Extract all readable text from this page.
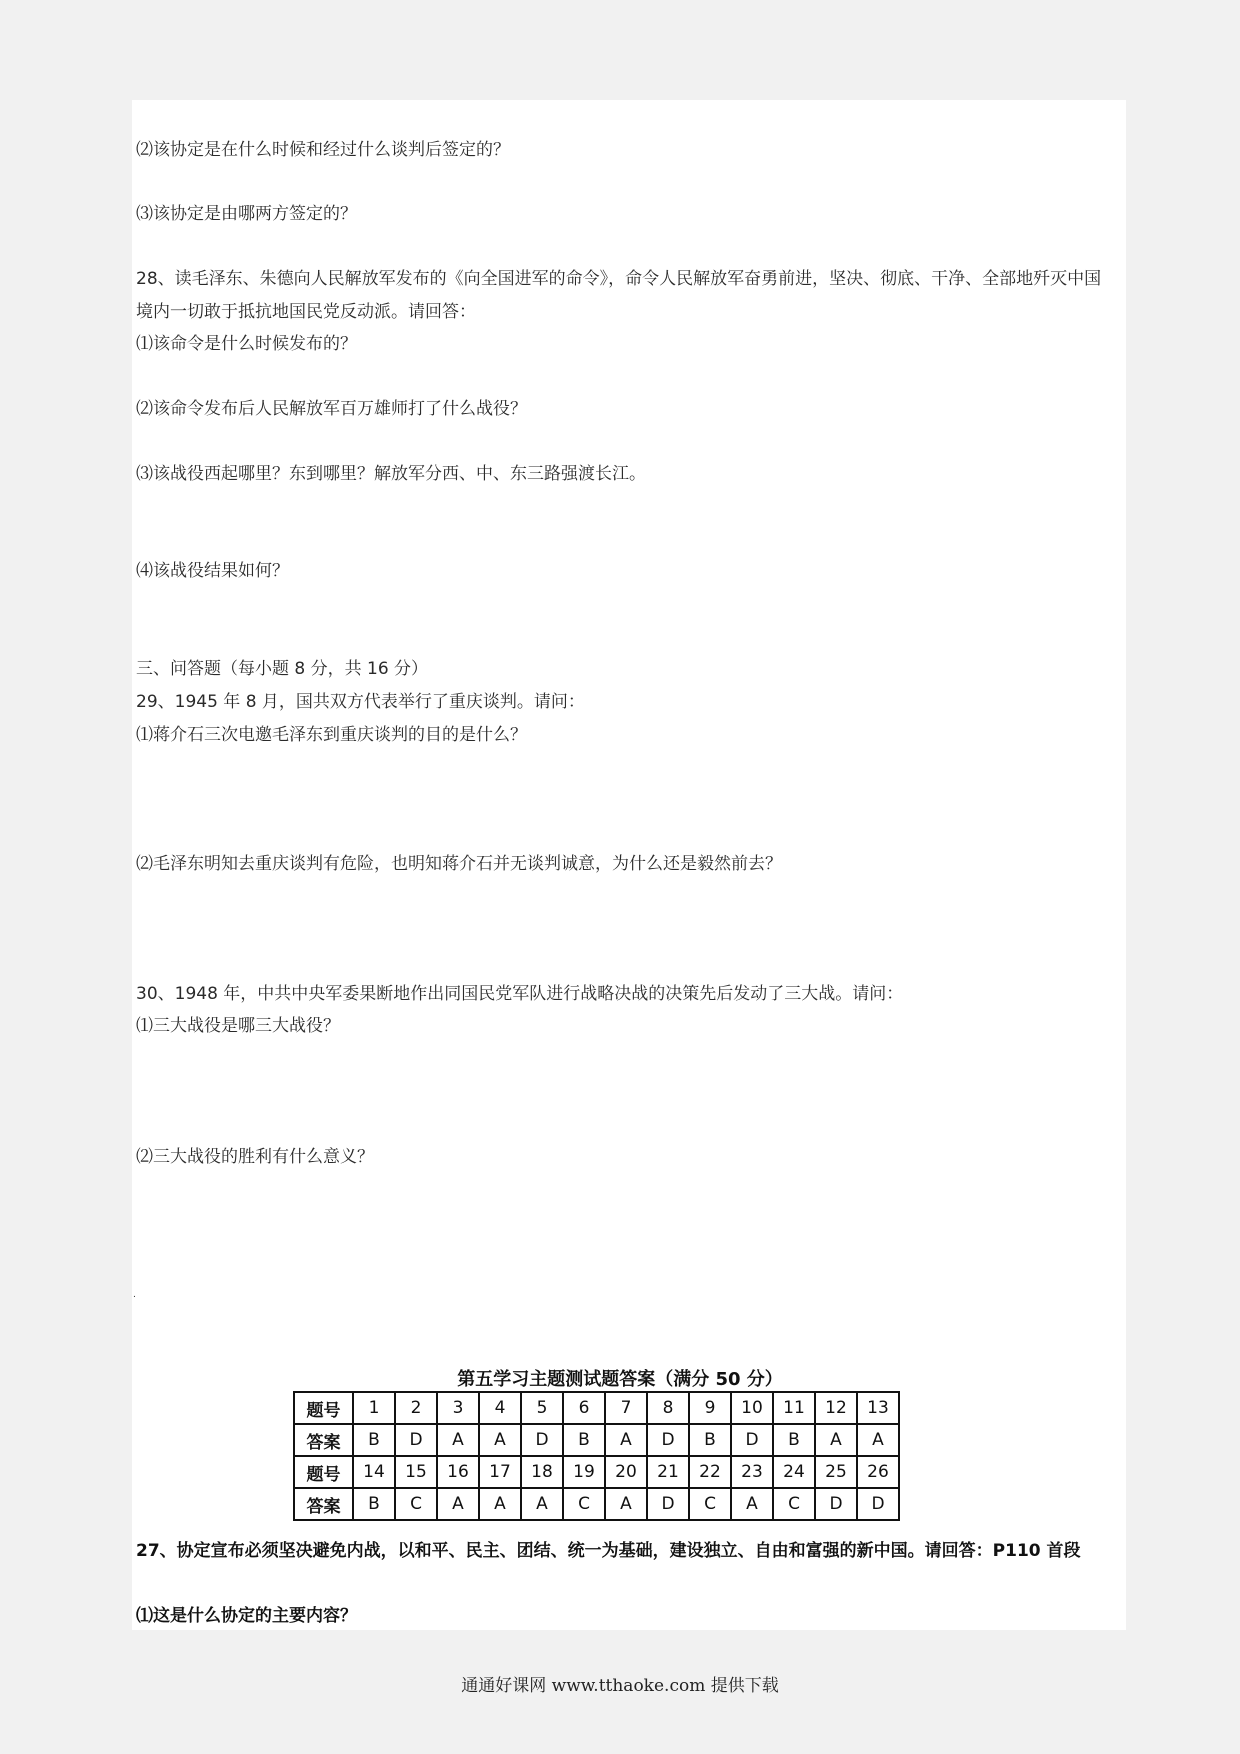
⑵该协定是在什么时候和经过什么谈判后签定的？
⑶该协定是由哪两方签定的？
28、读毛泽东、朱德向人民解放军发布的《向全国进军的命令》，命令人民解放军奋勇前进，坚决、彻底、干净、全部地歼灭中国境内一切敢于抵抗地国民党反动派。请回答：
⑴该命令是什么时候发布的？
⑵该命令发布后人民解放军百万雄师打了什么战役？
⑶该战役西起哪里？东到哪里？解放军分西、中、东三路强渡长江。
⑷该战役结果如何？
三、问答题（每小题 8 分，共 16 分）
29、1945 年 8 月，国共双方代表举行了重庆谈判。请问：
⑴蒋介石三次电邀毛泽东到重庆谈判的目的是什么？
⑵毛泽东明知去重庆谈判有危险，也明知蒋介石并无谈判诚意，为什么还是毅然前去？
30、1948 年，中共中央军委果断地作出同国民党军队进行战略决战的决策先后发动了三大战。请问：
⑴三大战役是哪三大战役？
⑵三大战役的胜利有什么意义？
.
第五学习主题测试题答案（满分 50 分）
题号	1	2	3	4	5	6	7	8	9	10	11	12	13
答案	B	D	A	A	D	B	A	D	B	D	B	A	A
题号	14	15	16	17	18	19	20	21	22	23	24	25	26
答案	B	C	A	A	A	C	A	D	C	A	C	D	D
27、协定宣布必须坚决避免内战，以和平、民主、团结、统一为基础，建设独立、自由和富强的新中国。请回答：P110 首段
⑴这是什么协定的主要内容？
通通好课网 www.tthaoke.com 提供下载
